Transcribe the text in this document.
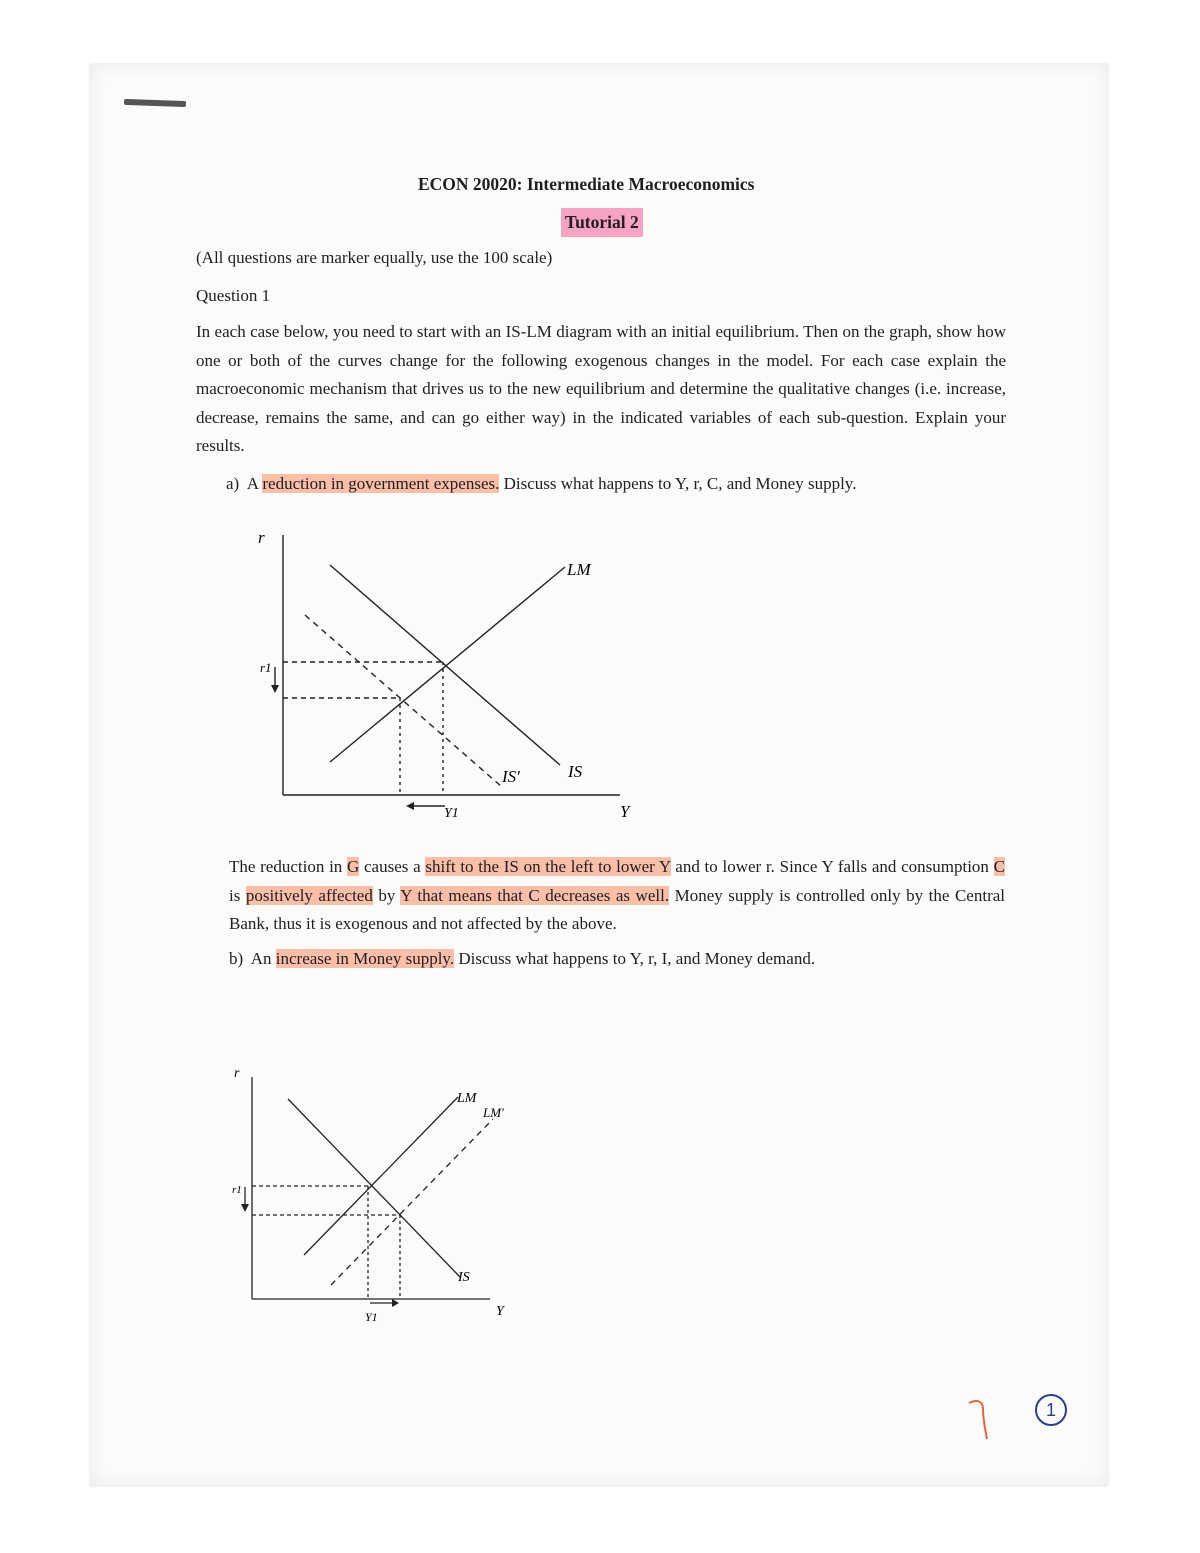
ECON 20020: Intermediate Macroeconomics
Tutorial 2
(All questions are marker equally, use the 100 scale)
Question 1
In each case below, you need to start with an IS-LM diagram with an initial equilibrium. Then on the graph, show how one or both of the curves change for the following exogenous changes in the model. For each case explain the macroeconomic mechanism that drives us to the new equilibrium and determine the qualitative changes (i.e. increase, decrease, remains the same, and can go either way) in the indicated variables of each sub-question. Explain your results.
a) A reduction in government expenses. Discuss what happens to Y, r, C, and Money supply.
r
Y
LM
IS
IS'
r1
Y1
The reduction in G causes a shift to the IS on the left to lower Y and to lower r. Since Y falls and consumption C is positively affected by Y that means that C decreases as well. Money supply is controlled only by the Central Bank, thus it is exogenous and not affected by the above.
b) An increase in Money supply. Discuss what happens to Y, r, I, and Money demand.
r
Y
LM
LM'
IS
r1
Y1
1
